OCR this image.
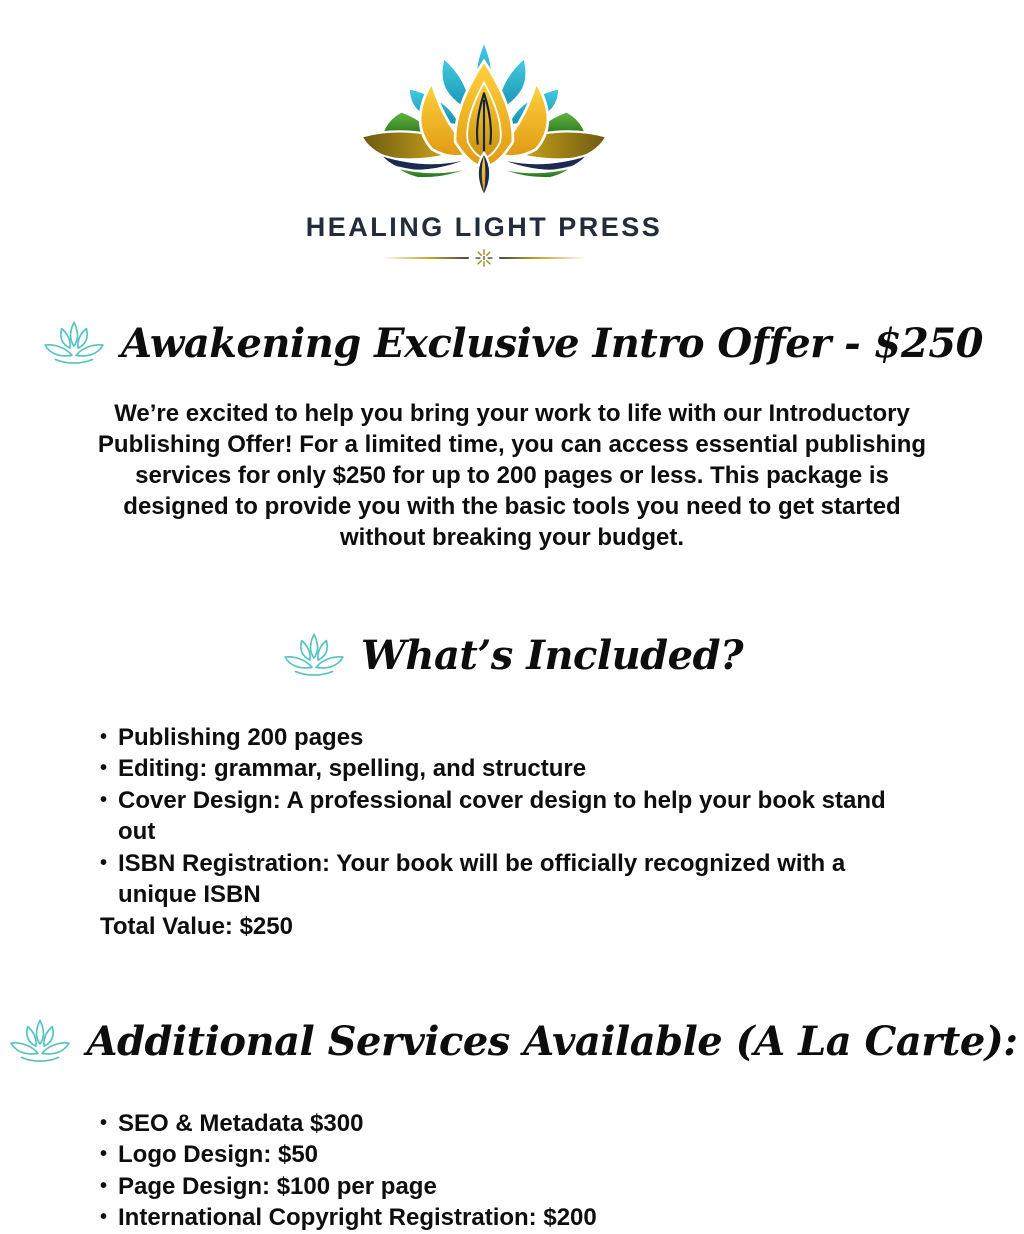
HEALING LIGHT PRESS
Awakening Exclusive Intro Offer - $250

We’re excited to help you bring your work to life with our Introductory Publishing Offer! For a limited time, you can access essential publishing services for only $250 for up to 200 pages or less. This package is designed to provide you with the basic tools you need to get started without breaking your budget.

What’s Included?
• Publishing 200 pages
• Editing: grammar, spelling, and structure
• Cover Design: A professional cover design to help your book stand out
• ISBN Registration: Your book will be officially recognized with a unique ISBN
Total Value: $250
Additional Services Available (A La Carte):
• SEO & Metadata $300
• Logo Design: $50
• Page Design: $100 per page
• International Copyright Registration: $200
